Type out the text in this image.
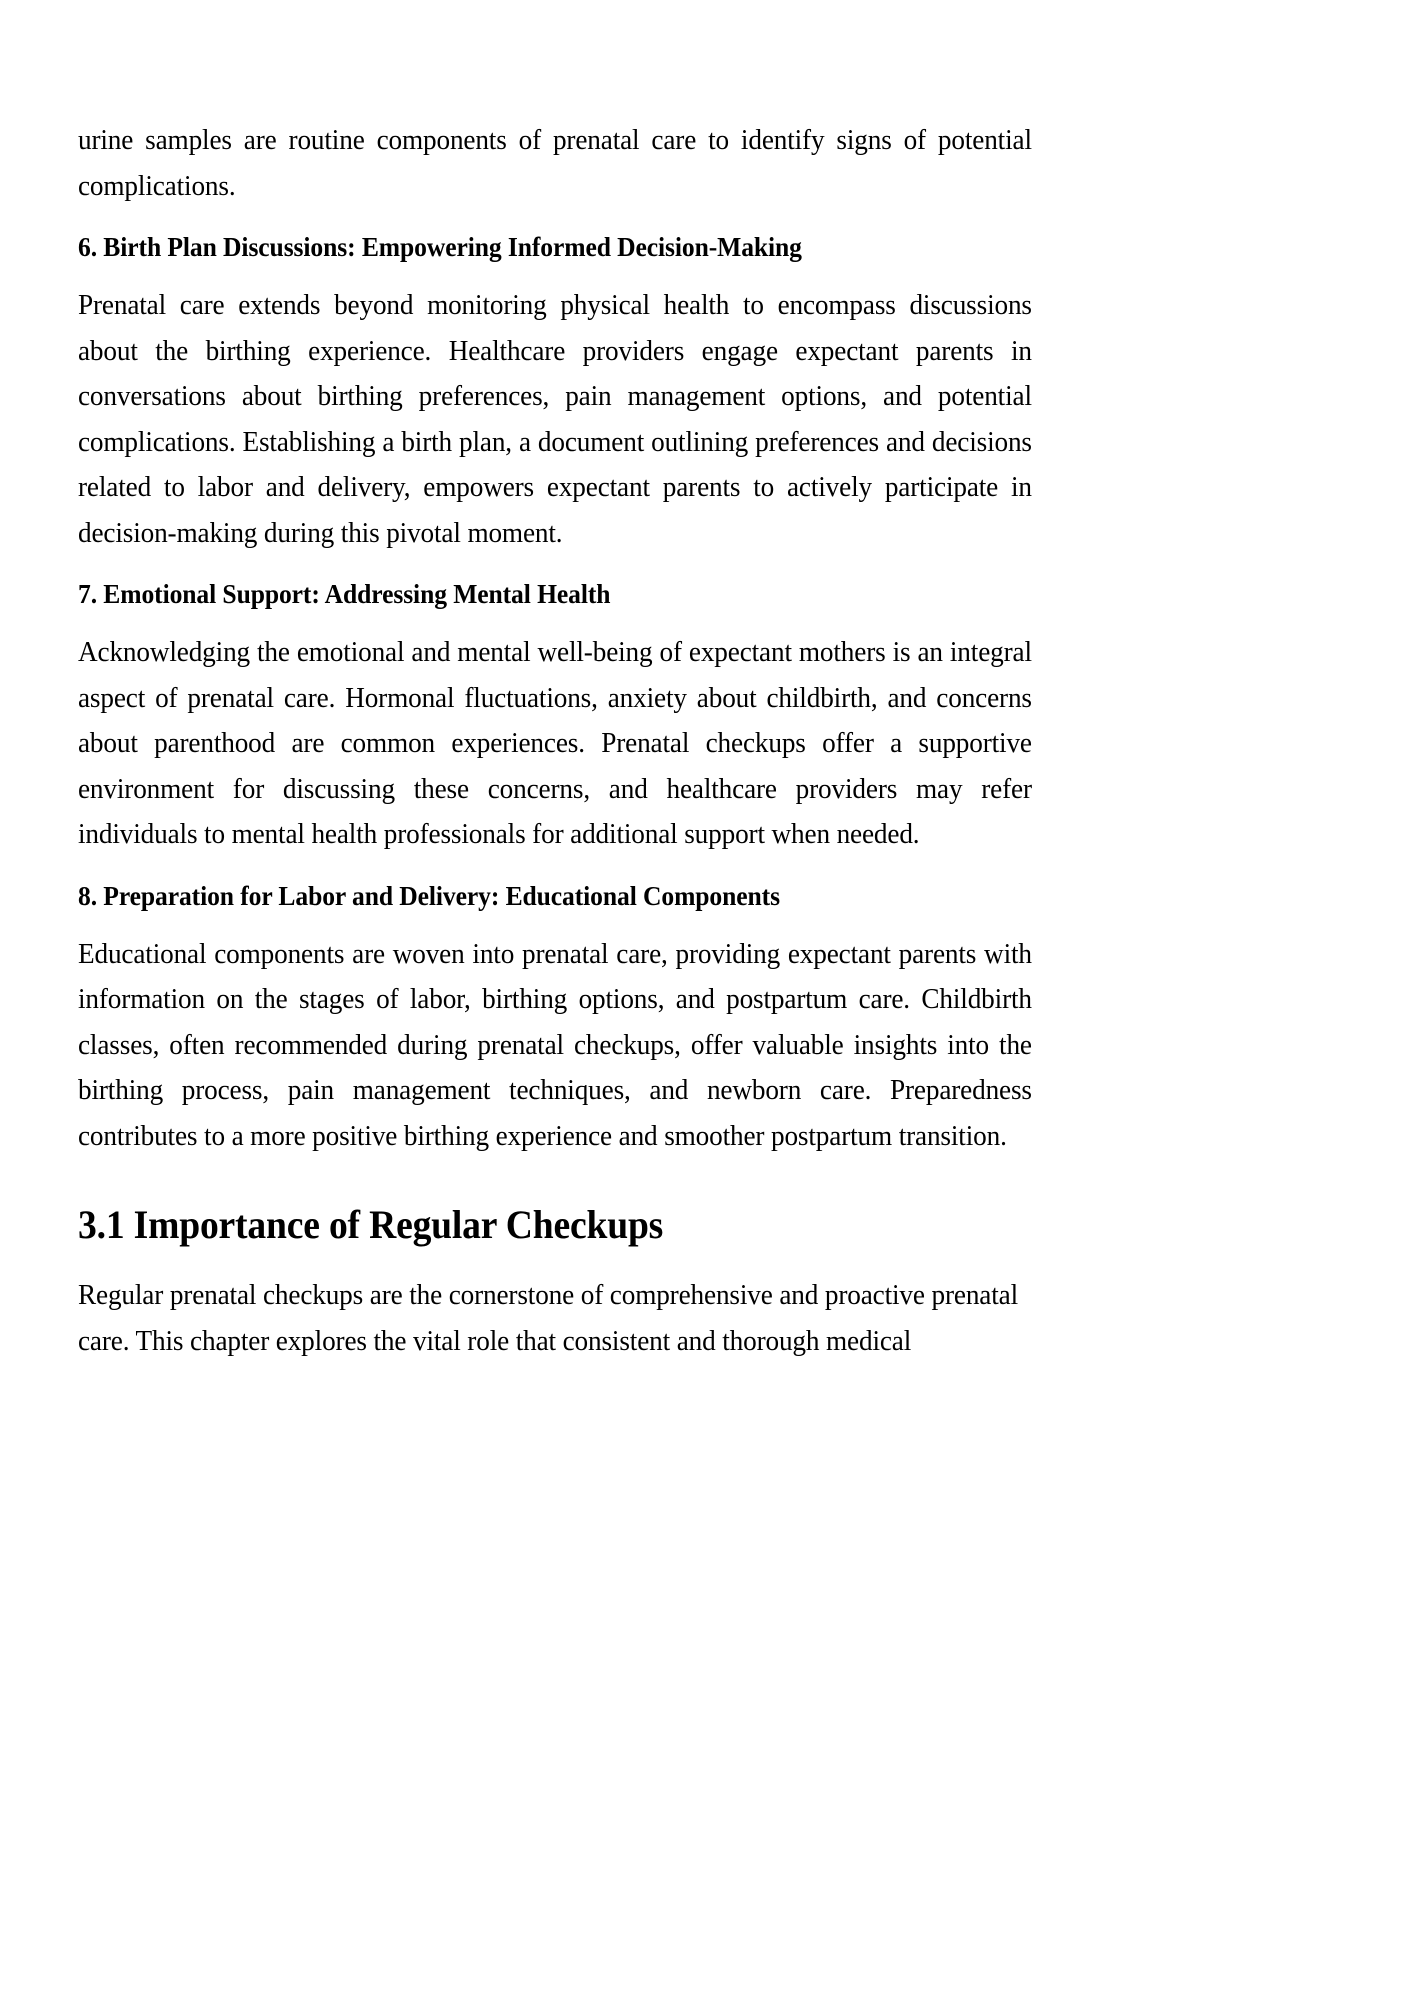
urine samples are routine components of prenatal care to identify signs of potential complications.

6. Birth Plan Discussions: Empowering Informed Decision-Making

Prenatal care extends beyond monitoring physical health to encompass discussions about the birthing experience. Healthcare providers engage expectant parents in conversations about birthing preferences, pain management options, and potential complications. Establishing a birth plan, a document outlining preferences and decisions related to labor and delivery, empowers expectant parents to actively participate in decision-making during this pivotal moment.

7. Emotional Support: Addressing Mental Health

Acknowledging the emotional and mental well-being of expectant mothers is an integral aspect of prenatal care. Hormonal fluctuations, anxiety about childbirth, and concerns about parenthood are common experiences. Prenatal checkups offer a supportive environment for discussing these concerns, and healthcare providers may refer individuals to mental health professionals for additional support when needed.

8. Preparation for Labor and Delivery: Educational Components

Educational components are woven into prenatal care, providing expectant parents with information on the stages of labor, birthing options, and postpartum care. Childbirth classes, often recommended during prenatal checkups, offer valuable insights into the birthing process, pain management techniques, and newborn care. Preparedness contributes to a more positive birthing experience and smoother postpartum transition.

3.1 Importance of Regular Checkups

Regular prenatal checkups are the cornerstone of comprehensive and proactive prenatal care. This chapter explores the vital role that consistent and thorough medical
